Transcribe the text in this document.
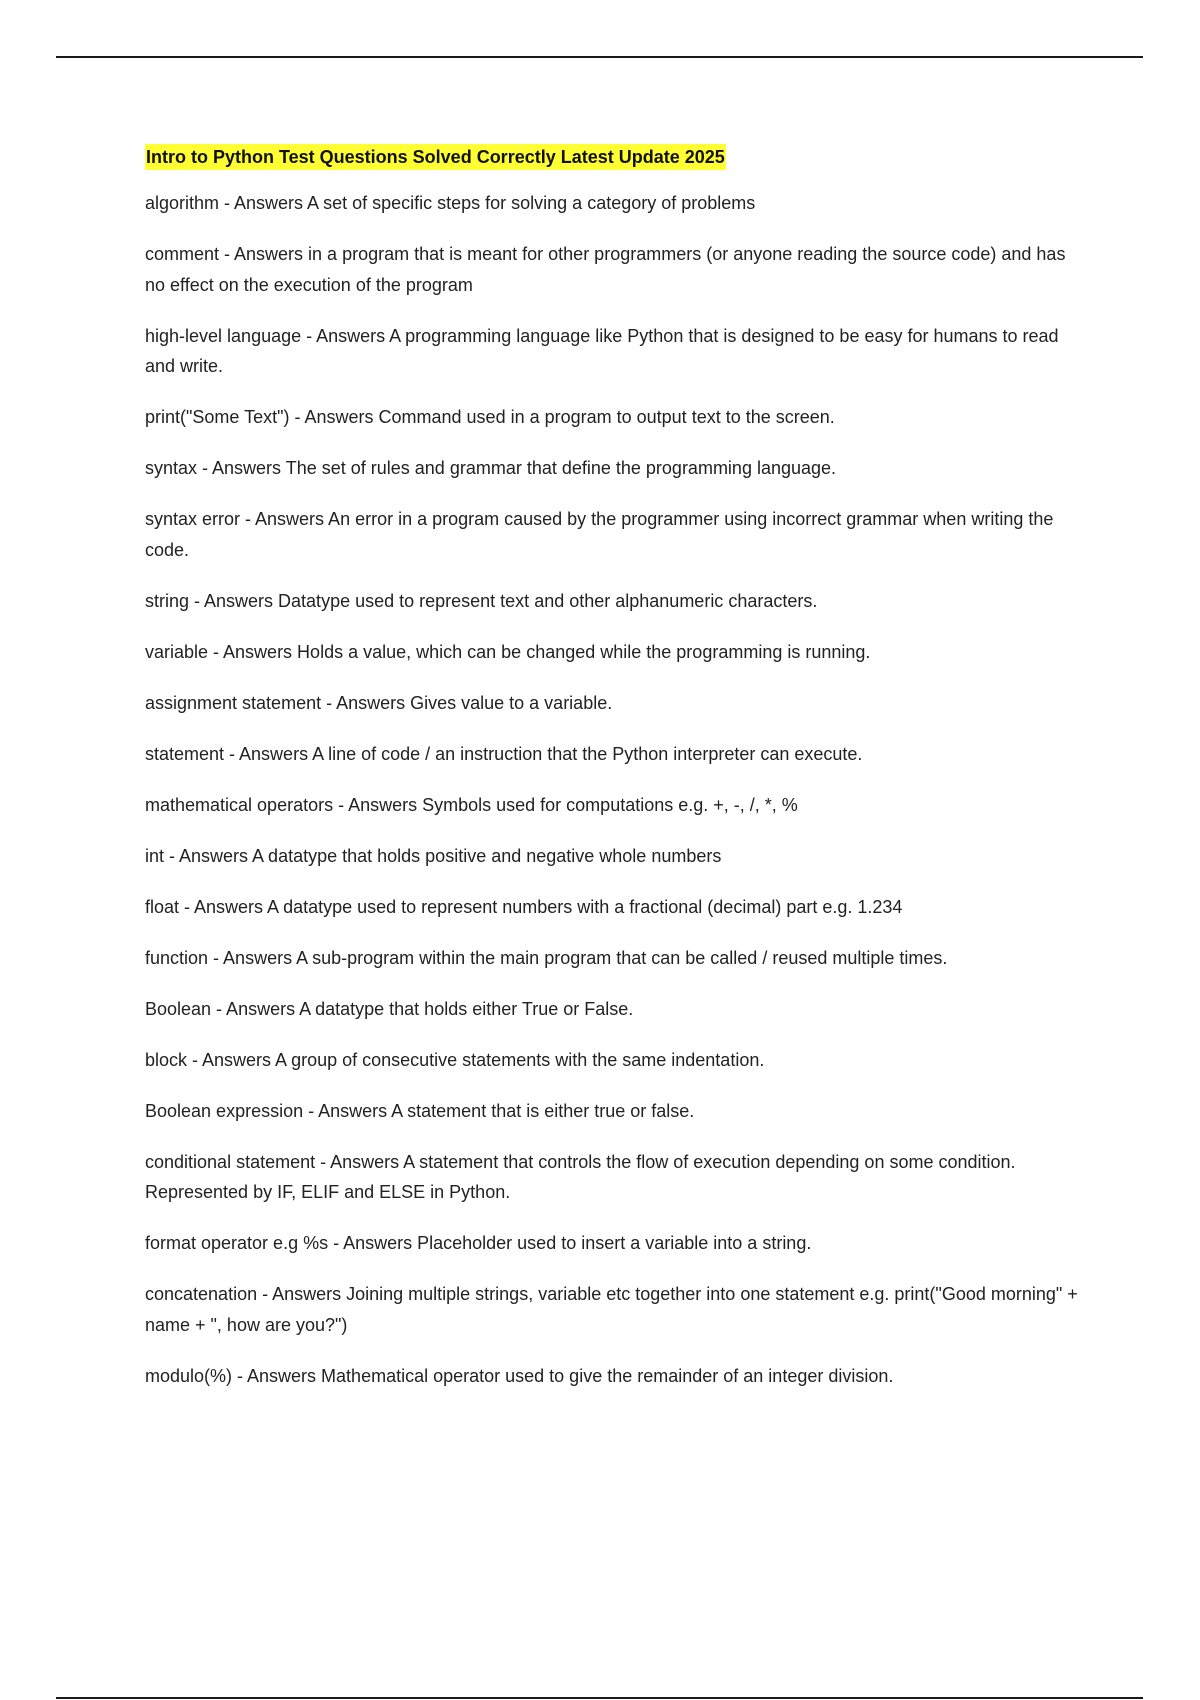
Intro to Python Test Questions Solved Correctly Latest Update 2025
algorithm - Answers A set of specific steps for solving a category of problems
comment - Answers in a program that is meant for other programmers (or anyone reading the source code) and has no effect on the execution of the program
high-level language - Answers A programming language like Python that is designed to be easy for humans to read and write.
print("Some Text") - Answers Command used in a program to output text to the screen.
syntax - Answers The set of rules and grammar that define the programming language.
syntax error - Answers An error in a program caused by the programmer using incorrect grammar when writing the code.
string - Answers Datatype used to represent text and other alphanumeric characters.
variable - Answers Holds a value, which can be changed while the programming is running.
assignment statement - Answers Gives value to a variable.
statement - Answers A line of code / an instruction that the Python interpreter can execute.
mathematical operators - Answers Symbols used for computations e.g. +, -, /, *, %
int - Answers A datatype that holds positive and negative whole numbers
float - Answers A datatype used to represent numbers with a fractional (decimal) part e.g. 1.234
function - Answers A sub-program within the main program that can be called / reused multiple times.
Boolean - Answers A datatype that holds either True or False.
block - Answers A group of consecutive statements with the same indentation.
Boolean expression - Answers A statement that is either true or false.
conditional statement - Answers A statement that controls the flow of execution depending on some condition. Represented by IF, ELIF and ELSE in Python.
format operator e.g %s - Answers Placeholder used to insert a variable into a string.
concatenation - Answers Joining multiple strings, variable etc together into one statement e.g. print("Good morning" + name + ", how are you?")
modulo(%) - Answers Mathematical operator used to give the remainder of an integer division.
